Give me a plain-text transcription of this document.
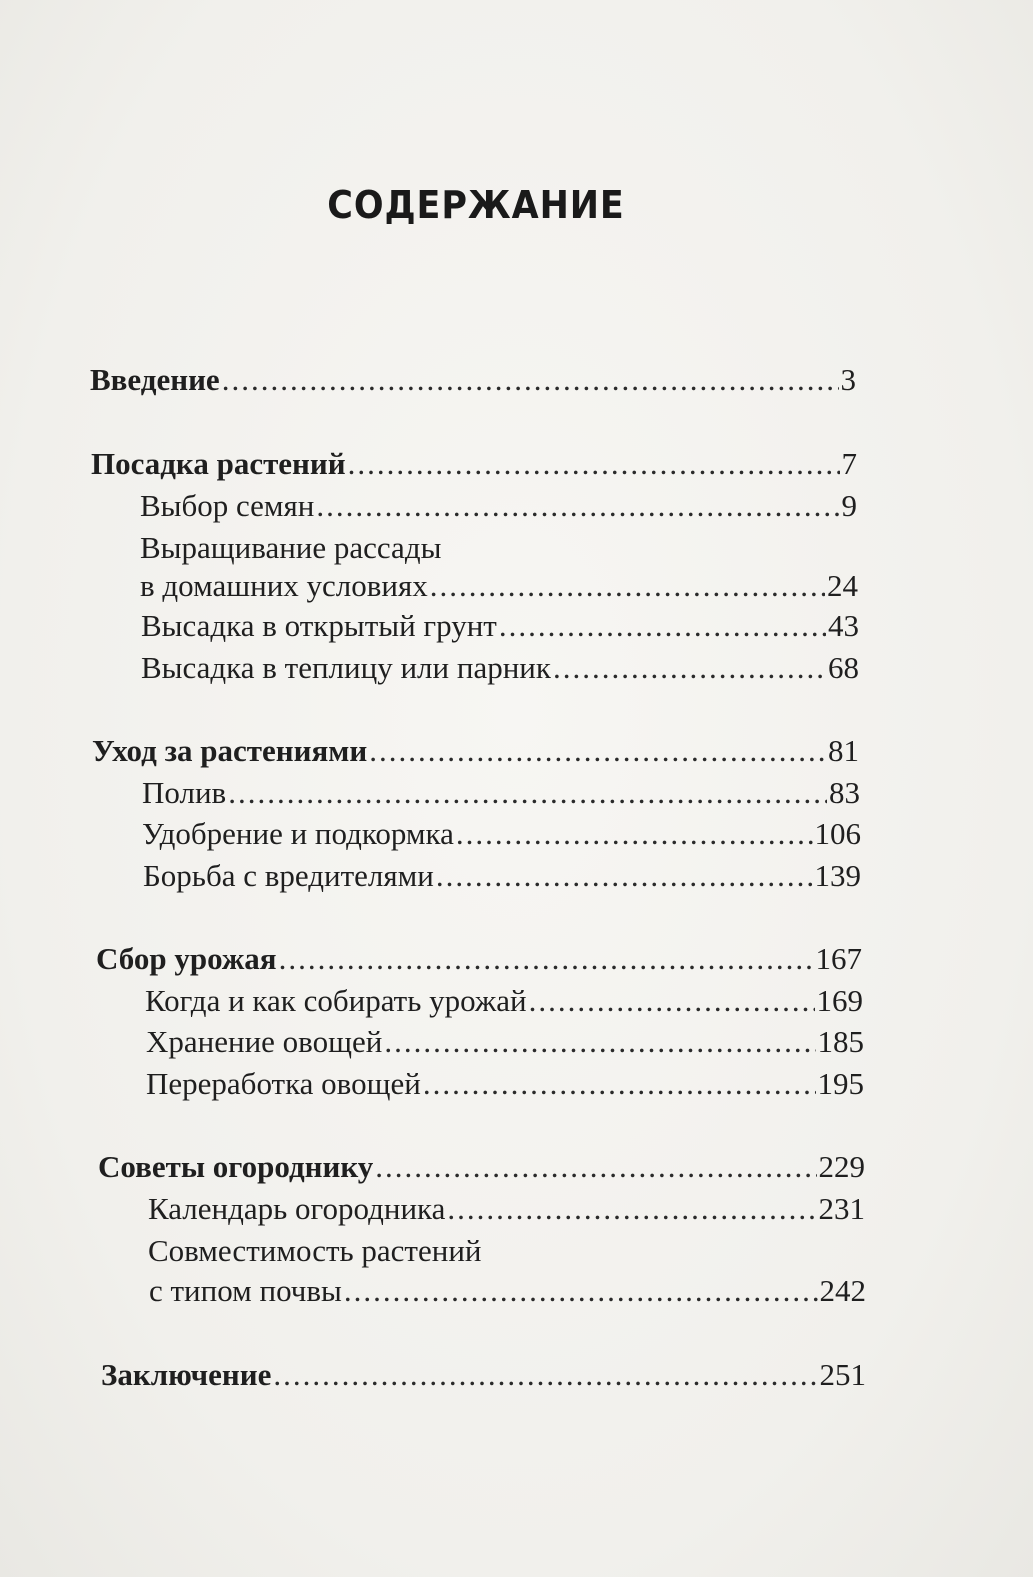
СОДЕРЖАНИЕ
Введение .....	3
Посадка растений .....	7
Выбор семян .....	9
Выращивание рассады
в домашних условиях .....	24
Высадка в открытый грунт .....	43
Высадка в теплицу или парник .....	68
Уход за растениями .....	81
Полив .....	83
Удобрение и подкормка .....	106
Борьба с вредителями .....	139
Сбор урожая .....	167
Когда и как собирать урожай .....	169
Хранение овощей .....	185
Переработка овощей .....	195
Советы огороднику .....	229
Календарь огородника .....	231
Совместимость растений
с типом почвы .....	242
Заключение .....	251
